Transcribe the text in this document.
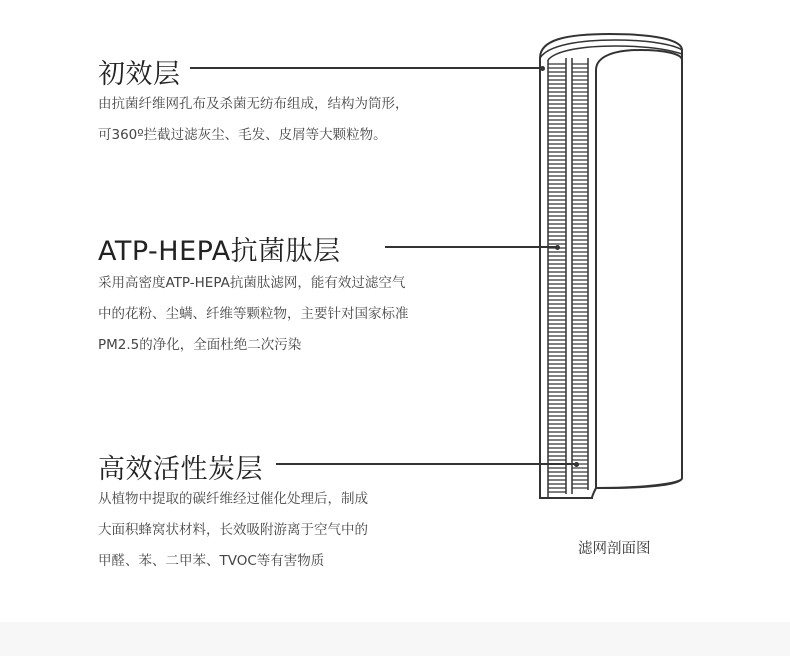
初效层
由抗菌纤维网孔布及杀菌无纺布组成，结构为筒形，
可360º拦截过滤灰尘、毛发、皮屑等大颗粒物。
ATP-HEPA抗菌肽层
采用高密度ATP-HEPA抗菌肽滤网，能有效过滤空气
中的花粉、尘螨、纤维等颗粒物，主要针对国家标准
PM2.5的净化，全面杜绝二次污染
高效活性炭层
从植物中提取的碳纤维经过催化处理后，制成
大面积蜂窝状材料，长效吸附游离于空气中的
甲醛、苯、二甲苯、TVOC等有害物质
滤网剖面图
